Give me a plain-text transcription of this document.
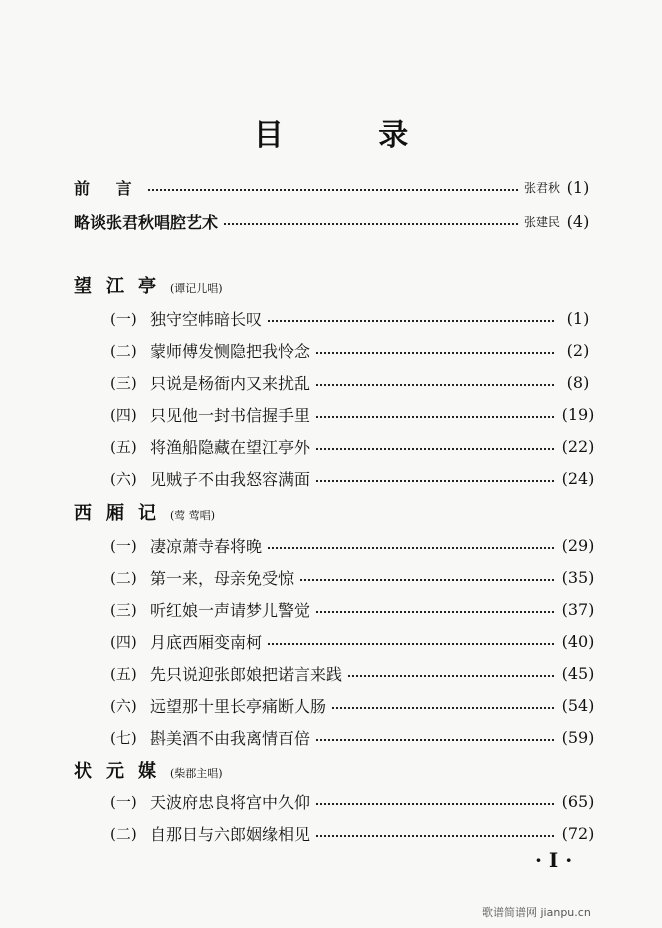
目 录
前 言	张君秋 (1)
略谈张君秋唱腔艺术	张建民 (4)
望江亭 (谭记儿唱)
(一) 独守空帏暗长叹	(1)
(二) 蒙师傅发恻隐把我怜念	(2)
(三) 只说是杨衙内又来扰乱	(8)
(四) 只见他一封书信握手里	(19)
(五) 将渔船隐藏在望江亭外	(22)
(六) 见贼子不由我怒容满面	(24)
西厢记 (莺 莺唱)
(一) 凄凉萧寺春将晚	(29)
(二) 第一来，母亲免受惊	(35)
(三) 听红娘一声请梦儿警觉	(37)
(四) 月底西厢变南柯	(40)
(五) 先只说迎张郎娘把诺言来践	(45)
(六) 远望那十里长亭痛断人肠	(54)
(七) 斟美酒不由我离情百倍	(59)
状元媒 (柴郡主唱)
(一) 天波府忠良将宫中久仰	(65)
(二) 自那日与六郎姻缘相见	(72)
· I ·
歌谱简谱网 jianpu.cn
